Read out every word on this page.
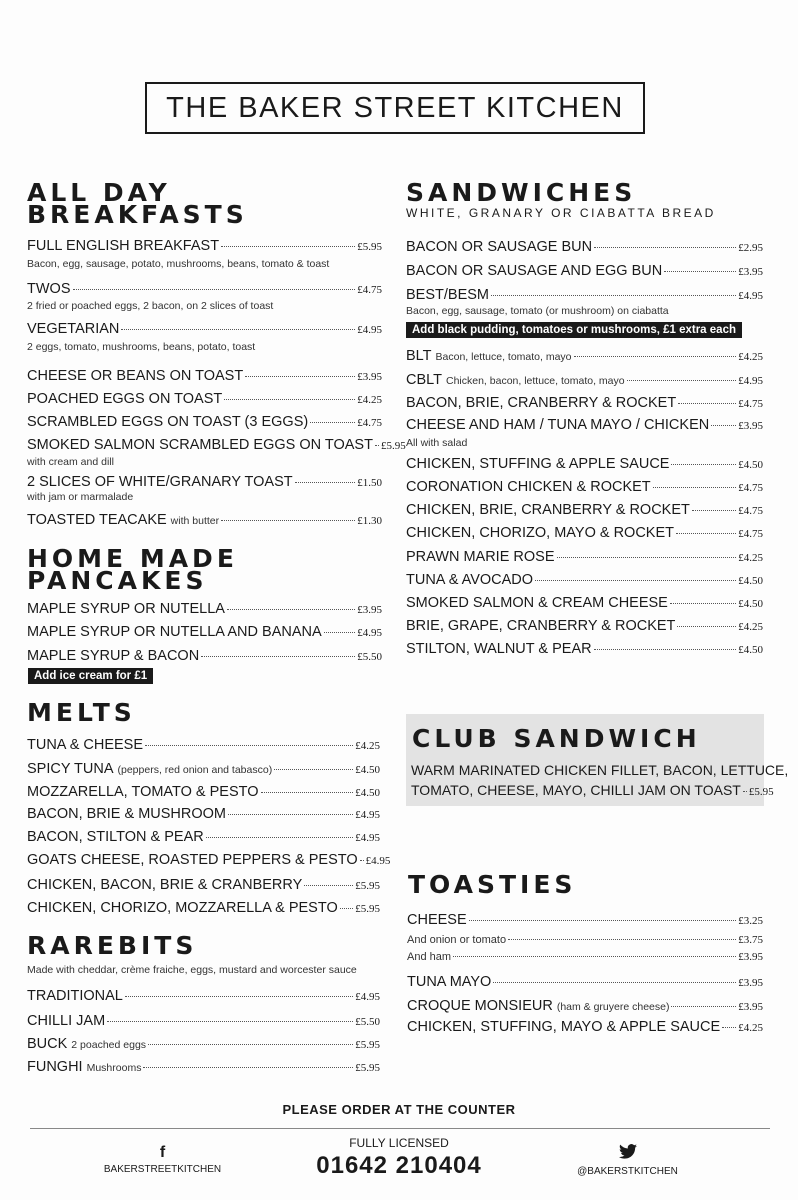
THE BAKER STREET KITCHEN
ALL DAY
BREAKFASTS
FULL ENGLISH BREAKFAST	£5.95
Bacon, egg, sausage, potato, mushrooms, beans, tomato & toast
TWOS	£4.75
2 fried or poached eggs, 2 bacon, on 2 slices of toast
VEGETARIAN	£4.95
2 eggs, tomato, mushrooms, beans, potato, toast
CHEESE OR BEANS ON TOAST	£3.95
POACHED EGGS ON TOAST	£4.25
SCRAMBLED EGGS ON TOAST (3 EGGS)	£4.75
SMOKED SALMON SCRAMBLED EGGS ON TOAST £5.95
with cream and dill
2 SLICES OF WHITE/GRANARY TOAST	£1.50
with jam or marmalade
TOASTED TEACAKE with butter	£1.30
HOME MADE
PANCAKES
MAPLE SYRUP OR NUTELLA	£3.95
MAPLE SYRUP OR NUTELLA AND BANANA	£4.95
MAPLE SYRUP & BACON	£5.50
Add ice cream for £1
MELTS
TUNA & CHEESE	£4.25
SPICY TUNA (peppers, red onion and tabasco)	£4.50
MOZZARELLA, TOMATO & PESTO	£4.50
BACON, BRIE & MUSHROOM	£4.95
BACON, STILTON & PEAR	£4.95
GOATS CHEESE, ROASTED PEPPERS & PESTO £4.95
CHICKEN, BACON, BRIE & CRANBERRY	£5.95
CHICKEN, CHORIZO, MOZZARELLA & PESTO £5.95
RAREBITS
Made with cheddar, crème fraiche, eggs, mustard and worcester sauce
TRADITIONAL	£4.95
CHILLI JAM	£5.50
BUCK 2 poached eggs	£5.95
FUNGHI Mushrooms	£5.95
SANDWICHES
WHITE, GRANARY OR CIABATTA BREAD
BACON OR SAUSAGE BUN	£2.95
BACON OR SAUSAGE AND EGG BUN	£3.95
BEST/BESM	£4.95
Bacon, egg, sausage, tomato (or mushroom) on ciabatta
BLT Bacon, lettuce, tomato, mayo	£4.25
CBLT Chicken, bacon, lettuce, tomato, mayo	£4.95
BACON, BRIE, CRANBERRY & ROCKET	£4.75
CHEESE AND HAM / TUNA MAYO / CHICKEN	£3.95
All with salad
CHICKEN, STUFFING & APPLE SAUCE	£4.50
CORONATION CHICKEN & ROCKET	£4.75
CHICKEN, BRIE, CRANBERRY & ROCKET	£4.75
CHICKEN, CHORIZO, MAYO & ROCKET	£4.75
PRAWN MARIE ROSE	£4.25
TUNA & AVOCADO	£4.50
SMOKED SALMON & CREAM CHEESE	£4.50
BRIE, GRAPE, CRANBERRY & ROCKET	£4.25
STILTON, WALNUT & PEAR	£4.50
Add black pudding, tomatoes or mushrooms, £1 extra each
CLUB SANDWICH
WARM MARINATED CHICKEN FILLET, BACON, LETTUCE,
TOMATO, CHEESE, MAYO, CHILLI JAM ON TOAST £5.95
TOASTIES
CHEESE	£3.25
And onion or tomato	£3.75
And ham	£3.95
TUNA MAYO	£3.95
CROQUE MONSIEUR (ham & gruyere cheese)	£3.95
CHICKEN, STUFFING, MAYO & APPLE SAUCE £4.25
PLEASE ORDER AT THE COUNTER
FULLY LICENSED
01642 210404
f
BAKERSTREETKITCHEN	@BAKERSTKITCHEN
